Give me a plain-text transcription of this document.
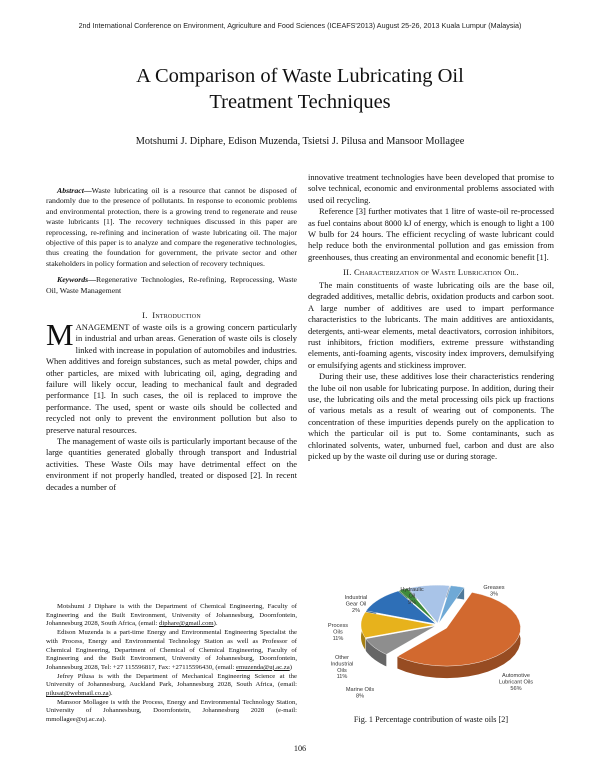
2nd International Conference on Environment, Agriculture and Food Sciences (ICEAFS'2013) August 25-26, 2013 Kuala Lumpur (Malaysia)
A Comparison of Waste Lubricating Oil
Treatment Techniques
Motshumi J. Diphare, Edison Muzenda, Tsietsi J. Pilusa and Mansoor Mollagee

Abstract—Waste lubricating oil is a resource that cannot be disposed of randomly due to the presence of pollutants. In response to economic problems and environmental protection, there is a growing trend to regenerate and reuse waste lubricants [1]. The recovery techniques discussed in this paper are reprocessing, re-refining and incineration of waste lubricating oil. The major objective of this paper is to analyze and compare the regenerative technologies, thus creating the foundation for government, the private sector and other stakeholders in policy formation and selection of recovery techniques.

Keywords—Regenerative Technologies, Re-refining, Reprocessing, Waste Oil, Waste Management

I. Introduction

MANAGEMENT of waste oils is a growing concern particularly in industrial and urban areas. Generation of waste oils is closely linked with increase in population of automobiles and industries. When additives and foreign substances, such as metal powder, chips and other particles, are mixed with lubricating oil, aging, degrading and failure will likely occur, leading to mechanical fault and degraded performance [1]. In such cases, the oil is replaced to improve the performance. The used, spent or waste oils should be collected and recycled not only to prevent the environment pollution but also to preserve natural resources.

The management of waste oils is particularly important because of the large quantities generated globally through transport and Industrial activities. These Waste Oils may have detrimental effect on the environment if not properly handled, treated or disposed [2]. In recent decades a number of

Motshumi J Diphare is with the Department of Chemical Engineering, Faculty of Engineering and the Built Environment, University of Johannesburg, Doornfontein, Johannesburg 2028, South Africa, (email: diphare@gmail.com).

Edison Muzenda is a part-time Energy and Environmental Engineering Specialist the with Process, Energy and Environmental Technology Station as well as Professor of Chemical Engineering, Department of Chemical of Chemical Engineering, Faculty of Engineering and the Built Environment, University of Johannesburg, Doornfontein, Johannesburg 2028, Tel: +27 115596817, Fax: +27115596430, (email: emuzenda@uj.ac.za)

Jefrey Pilusa is with the Department of Mechanical Engineering Science at the University of Johannesburg, Auckland Park, Johannesburg 2028, South Africa, (email: pilusat@webmail.co.za).

Mansoor Mollagee is with the Process, Energy and Environmental Technology Station, University of Johannesburg, Doornfontein, Johannesburg 2028 (e-mail: mmollagee@uj.ac.za).

innovative treatment technologies have been developed that promise to solve technical, economic and environmental problems associated with used oil recycling.

Reference [3] further motivates that 1 litre of waste-oil re-processed as fuel contains about 8000 kJ of energy, which is enough to light a 100 W bulb for 24 hours. The efficient recycling of waste lubricant could help reduce both the environmental pollution and gas emission from greenhouses, thus creating an environmental and economic benefit [1].

II. Characterization of Waste Lubrication Oil.

The main constituents of waste lubricating oils are the base oil, degraded additives, metallic debris, oxidation products and carbon soot. A large number of additives are used to impart performance characteristics to the lubricants. The main additives are antioxidants, detergents, anti-wear elements, metal deactivators, corrosion inhibitors, rust inhibitors, friction modifiers, extreme pressure withstanding elements, anti-foaming agents, viscosity index improvers, demulsifying or emulsifying agents and stickiness improver.

During their use, these additives lose their characteristics rendering the lube oil non usable for lubricating purpose. In addition, during their use, the lubricating oils and the metal processing oils pick up fractions of various metals as a result of wearing out of components. The concentration of these impurities depends purely on the application to which the particular oil is put to. Some contaminants, such as chlorinated solvents, water, unburned fuel, carbon and dust are also picked up by the waste oil during use or during storage.

Automotive Lubricant Oils 56%
Marine Oils 8%
Other Industrial Oils 11%
Process Oils 11%
Industrial Gear Oil 2%
Hydraulic Oil 9%
Greases 3%
Fig. 1 Percentage contribution of waste oils [2]
106
